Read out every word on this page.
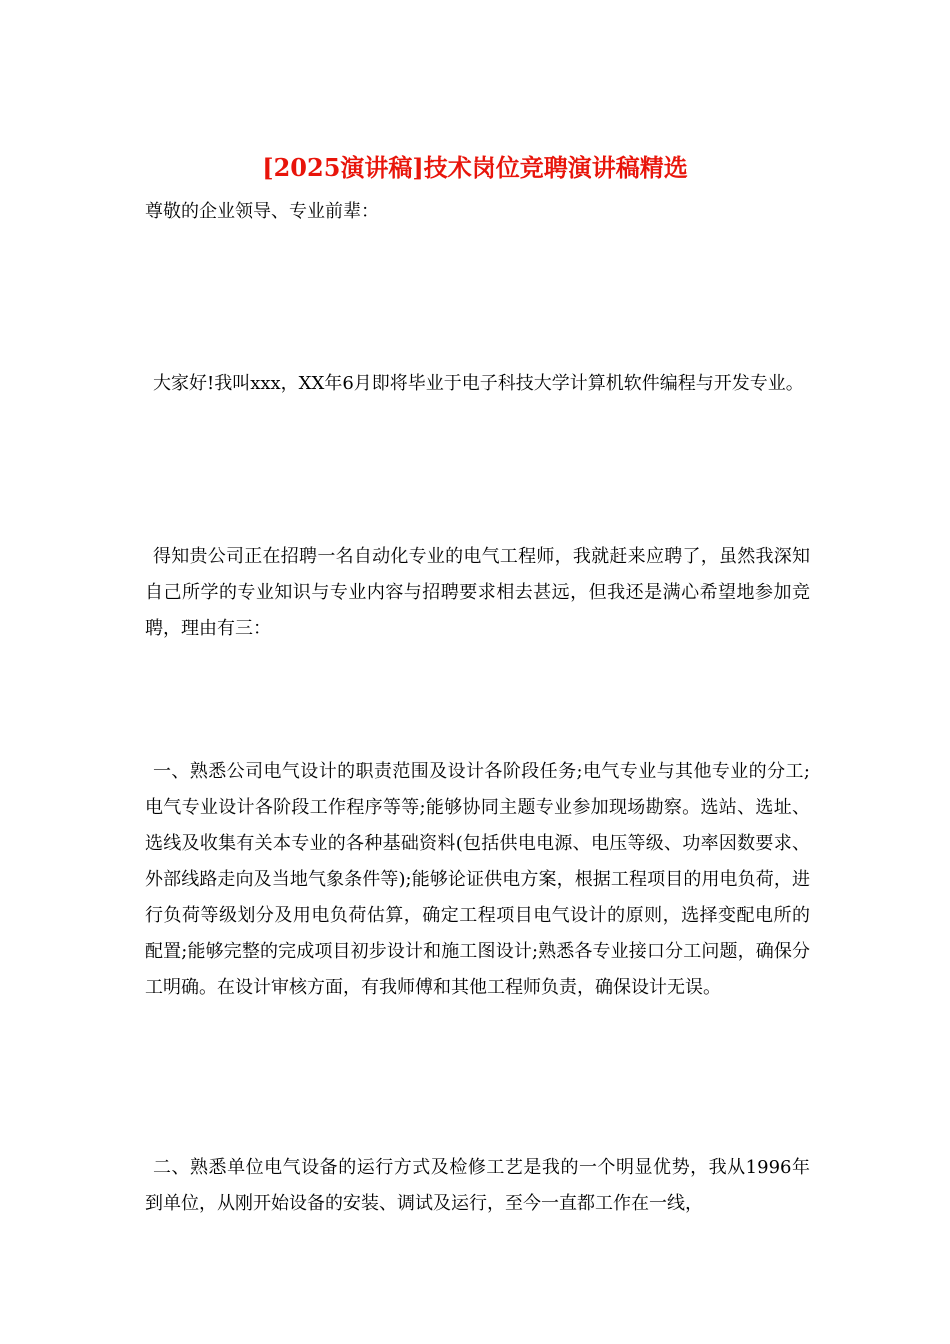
[2025演讲稿]技术岗位竞聘演讲稿精选

尊敬的企业领导、专业前辈：

大家好!我叫xxx，XX年6月即将毕业于电子科技大学计算机软件编程与开发专业。

得知贵公司正在招聘一名自动化专业的电气工程师，我就赶来应聘了，虽然我深知自己所学的专业知识与专业内容与招聘要求相去甚远，但我还是满心希望地参加竞聘，理由有三：

一、熟悉公司电气设计的职责范围及设计各阶段任务;电气专业与其他专业的分工;电气专业设计各阶段工作程序等等;能够协同主题专业参加现场勘察。选站、选址、选线及收集有关本专业的各种基础资料(包括供电电源、电压等级、功率因数要求、外部线路走向及当地气象条件等);能够论证供电方案，根据工程项目的用电负荷，进行负荷等级划分及用电负荷估算，确定工程项目电气设计的原则，选择变配电所的配置;能够完整的完成项目初步设计和施工图设计;熟悉各专业接口分工问题，确保分工明确。在设计审核方面，有我师傅和其他工程师负责，确保设计无误。

二、熟悉单位电气设备的运行方式及检修工艺是我的一个明显优势，我从1996年到单位，从刚开始设备的安装、调试及运行，至今一直都工作在一线，
